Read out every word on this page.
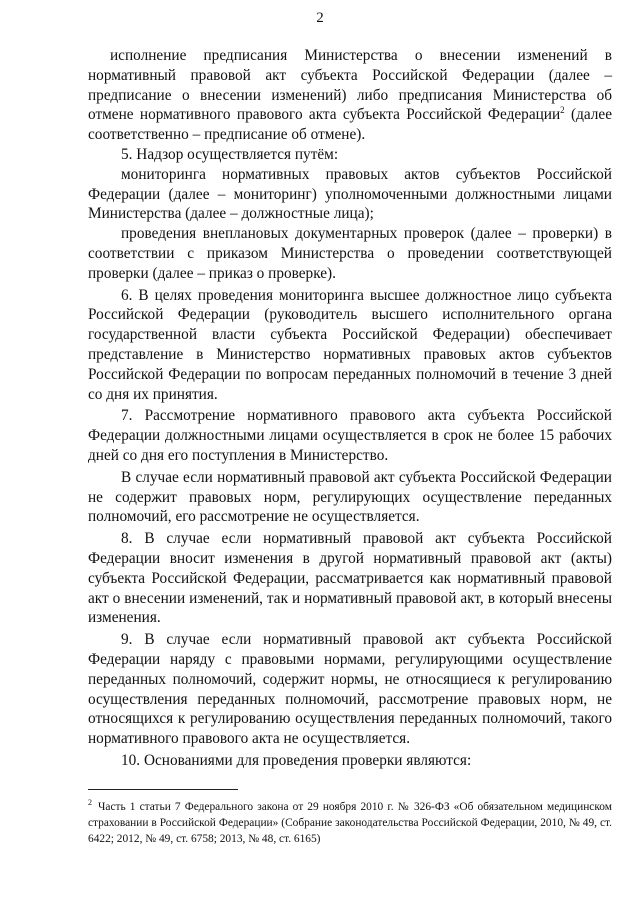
2

исполнение предписания Министерства о внесении изменений в нормативный правовой акт субъекта Российской Федерации (далее – предписание о внесении изменений) либо предписания Министерства об отмене нормативного правового акта субъекта Российской Федерации$^2$ (далее соответственно – предписание об отмене).

5. Надзор осуществляется путём:

мониторинга нормативных правовых актов субъектов Российской Федерации (далее – мониторинг) уполномоченными должностными лицами Министерства (далее – должностные лица);

проведения внеплановых документарных проверок (далее – проверки) в соответствии с приказом Министерства о проведении соответствующей проверки (далее – приказ о проверке).

6. В целях проведения мониторинга высшее должностное лицо субъекта Российской Федерации (руководитель высшего исполнительного органа государственной власти субъекта Российской Федерации) обеспечивает представление в Министерство нормативных правовых актов субъектов Российской Федерации по вопросам переданных полномочий в течение 3 дней со дня их принятия.

7. Рассмотрение нормативного правового акта субъекта Российской Федерации должностными лицами осуществляется в срок не более 15 рабочих дней со дня его поступления в Министерство.

В случае если нормативный правовой акт субъекта Российской Федерации не содержит правовых норм, регулирующих осуществление переданных полномочий, его рассмотрение не осуществляется.

8. В случае если нормативный правовой акт субъекта Российской Федерации вносит изменения в другой нормативный правовой акт (акты) субъекта Российской Федерации, рассматривается как нормативный правовой акт о внесении изменений, так и нормативный правовой акт, в который внесены изменения.

9. В случае если нормативный правовой акт субъекта Российской Федерации наряду с правовыми нормами, регулирующими осуществление переданных полномочий, содержит нормы, не относящиеся к регулированию осуществления переданных полномочий, рассмотрение правовых норм, не относящихся к регулированию осуществления переданных полномочий, такого нормативного правового акта не осуществляется.

10. Основаниями для проведения проверки являются:

$^2$ Часть 1 статьи 7 Федерального закона от 29 ноября 2010 г. № 326-ФЗ «Об обязательном медицинском страховании в Российской Федерации» (Собрание законодательства Российской Федерации, 2010, № 49, ст. 6422; 2012, № 49, ст. 6758; 2013, № 48, ст. 6165)
